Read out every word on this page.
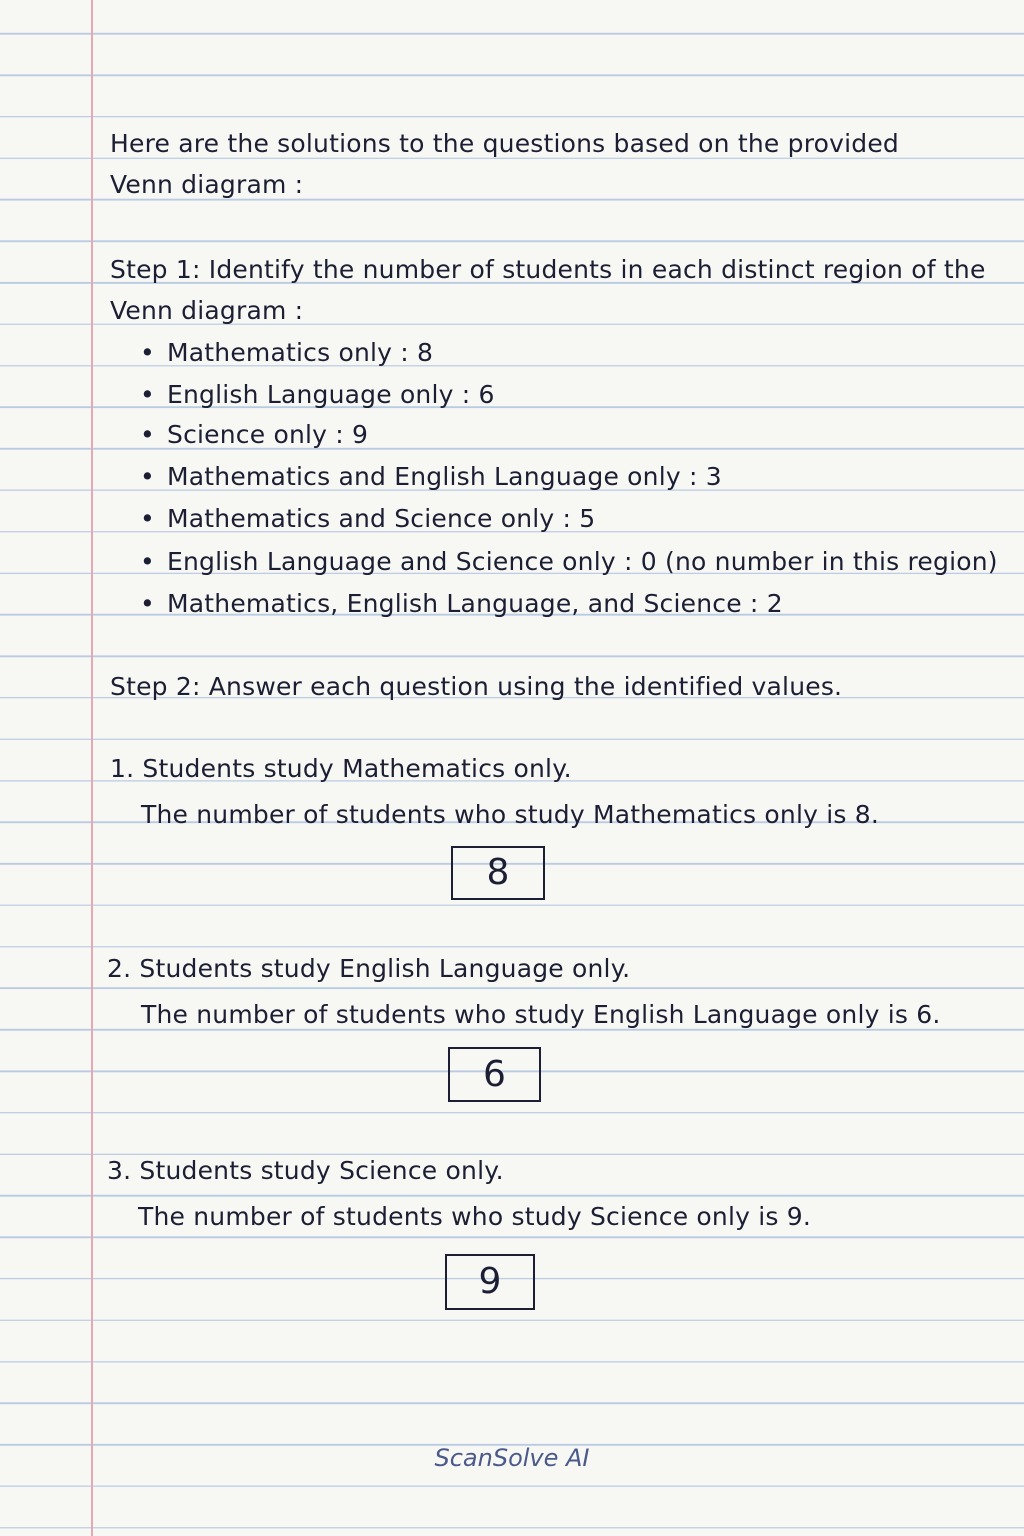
Here are the solutions to the questions based on the provided

Venn diagram :

Step 1: Identify the number of students in each distinct region of the

Venn diagram :

• Mathematics only : 8

• English Language only : 6

• Science only : 9

• Mathematics and English Language only : 3

• Mathematics and Science only : 5

• English Language and Science only : 0 (no number in this region)

• Mathematics, English Language, and Science : 2

Step 2: Answer each question using the identified values.

1. Students study Mathematics only.

The number of students who study Mathematics only is 8.

8

2. Students study English Language only.

The number of students who study English Language only is 6.

6

3. Students study Science only.

The number of students who study Science only is 9.

9
ScanSolve AI
